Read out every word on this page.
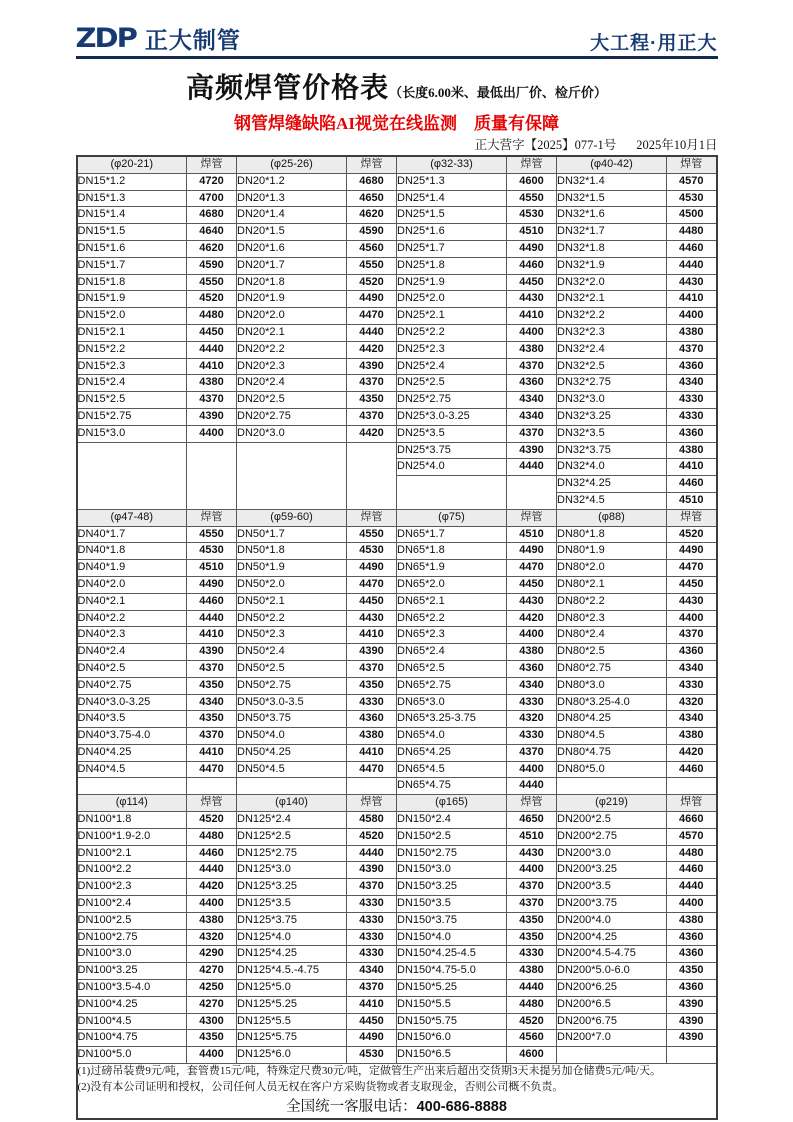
ZDP 正大制管	大工程·用正大
高频焊管价格表（长度6.00米、最低出厂价、检斤价）
钢管焊缝缺陷AI视觉在线监测　质量有保障
正大营字【2025】077-1号 2025年10月1日
(φ20-21)	焊管	(φ25-26)	焊管	(φ32-33)	焊管	(φ40-42)	焊管
DN15*1.2	4720	DN20*1.2	4680	DN25*1.3	4600	DN32*1.4	4570
DN15*1.3	4700	DN20*1.3	4650	DN25*1.4	4550	DN32*1.5	4530
DN15*1.4	4680	DN20*1.4	4620	DN25*1.5	4530	DN32*1.6	4500
DN15*1.5	4640	DN20*1.5	4590	DN25*1.6	4510	DN32*1.7	4480
DN15*1.6	4620	DN20*1.6	4560	DN25*1.7	4490	DN32*1.8	4460
DN15*1.7	4590	DN20*1.7	4550	DN25*1.8	4460	DN32*1.9	4440
DN15*1.8	4550	DN20*1.8	4520	DN25*1.9	4450	DN32*2.0	4430
DN15*1.9	4520	DN20*1.9	4490	DN25*2.0	4430	DN32*2.1	4410
DN15*2.0	4480	DN20*2.0	4470	DN25*2.1	4410	DN32*2.2	4400
DN15*2.1	4450	DN20*2.1	4440	DN25*2.2	4400	DN32*2.3	4380
DN15*2.2	4440	DN20*2.2	4420	DN25*2.3	4380	DN32*2.4	4370
DN15*2.3	4410	DN20*2.3	4390	DN25*2.4	4370	DN32*2.5	4360
DN15*2.4	4380	DN20*2.4	4370	DN25*2.5	4360	DN32*2.75	4340
DN15*2.5	4370	DN20*2.5	4350	DN25*2.75	4340	DN32*3.0	4330
DN15*2.75	4390	DN20*2.75	4370	DN25*3.0-3.25	4340	DN32*3.25	4330
DN15*3.0	4400	DN20*3.0	4420	DN25*3.5	4370	DN32*3.5	4360
				DN25*3.75	4390	DN32*3.75	4380
				DN25*4.0	4440	DN32*4.0	4410
						DN32*4.25	4460
						DN32*4.5	4510
(φ47-48)	焊管	(φ59-60)	焊管	(φ75)	焊管	(φ88)	焊管
DN40*1.7	4550	DN50*1.7	4550	DN65*1.7	4510	DN80*1.8	4520
DN40*1.8	4530	DN50*1.8	4530	DN65*1.8	4490	DN80*1.9	4490
DN40*1.9	4510	DN50*1.9	4490	DN65*1.9	4470	DN80*2.0	4470
DN40*2.0	4490	DN50*2.0	4470	DN65*2.0	4450	DN80*2.1	4450
DN40*2.1	4460	DN50*2.1	4450	DN65*2.1	4430	DN80*2.2	4430
DN40*2.2	4440	DN50*2.2	4430	DN65*2.2	4420	DN80*2.3	4400
DN40*2.3	4410	DN50*2.3	4410	DN65*2.3	4400	DN80*2.4	4370
DN40*2.4	4390	DN50*2.4	4390	DN65*2.4	4380	DN80*2.5	4360
DN40*2.5	4370	DN50*2.5	4370	DN65*2.5	4360	DN80*2.75	4340
DN40*2.75	4350	DN50*2.75	4350	DN65*2.75	4340	DN80*3.0	4330
DN40*3.0-3.25	4340	DN50*3.0-3.5	4330	DN65*3.0	4330	DN80*3.25-4.0	4320
DN40*3.5	4350	DN50*3.75	4360	DN65*3.25-3.75	4320	DN80*4.25	4340
DN40*3.75-4.0	4370	DN50*4.0	4380	DN65*4.0	4330	DN80*4.5	4380
DN40*4.25	4410	DN50*4.25	4410	DN65*4.25	4370	DN80*4.75	4420
DN40*4.5	4470	DN50*4.5	4470	DN65*4.5	4400	DN80*5.0	4460
				DN65*4.75	4440		
(φ114)	焊管	(φ140)	焊管	(φ165)	焊管	(φ219)	焊管
DN100*1.8	4520	DN125*2.4	4580	DN150*2.4	4650	DN200*2.5	4660
DN100*1.9-2.0	4480	DN125*2.5	4520	DN150*2.5	4510	DN200*2.75	4570
DN100*2.1	4460	DN125*2.75	4440	DN150*2.75	4430	DN200*3.0	4480
DN100*2.2	4440	DN125*3.0	4390	DN150*3.0	4400	DN200*3.25	4460
DN100*2.3	4420	DN125*3.25	4370	DN150*3.25	4370	DN200*3.5	4440
DN100*2.4	4400	DN125*3.5	4330	DN150*3.5	4370	DN200*3.75	4400
DN100*2.5	4380	DN125*3.75	4330	DN150*3.75	4350	DN200*4.0	4380
DN100*2.75	4320	DN125*4.0	4330	DN150*4.0	4350	DN200*4.25	4360
DN100*3.0	4290	DN125*4.25	4330	DN150*4.25-4.5	4330	DN200*4.5-4.75	4360
DN100*3.25	4270	DN125*4.5.-4.75	4340	DN150*4.75-5.0	4380	DN200*5.0-6.0	4350
DN100*3.5-4.0	4250	DN125*5.0	4370	DN150*5.25	4440	DN200*6.25	4360
DN100*4.25	4270	DN125*5.25	4410	DN150*5.5	4480	DN200*6.5	4390
DN100*4.5	4300	DN125*5.5	4450	DN150*5.75	4520	DN200*6.75	4390
DN100*4.75	4350	DN125*5.75	4490	DN150*6.0	4560	DN200*7.0	4390
DN100*5.0	4400	DN125*6.0	4530	DN150*6.5	4600		

(1)过磅吊装费9元/吨，套管费15元/吨，特殊定尺费30元/吨，定做管生产出来后超出交货期3天未提另加仓储费5元/吨/天。
(2)没有本公司证明和授权，公司任何人员无权在客户方采购货物或者支取现金，否则公司概不负责。
全国统一客服电话：400-686-8888							
